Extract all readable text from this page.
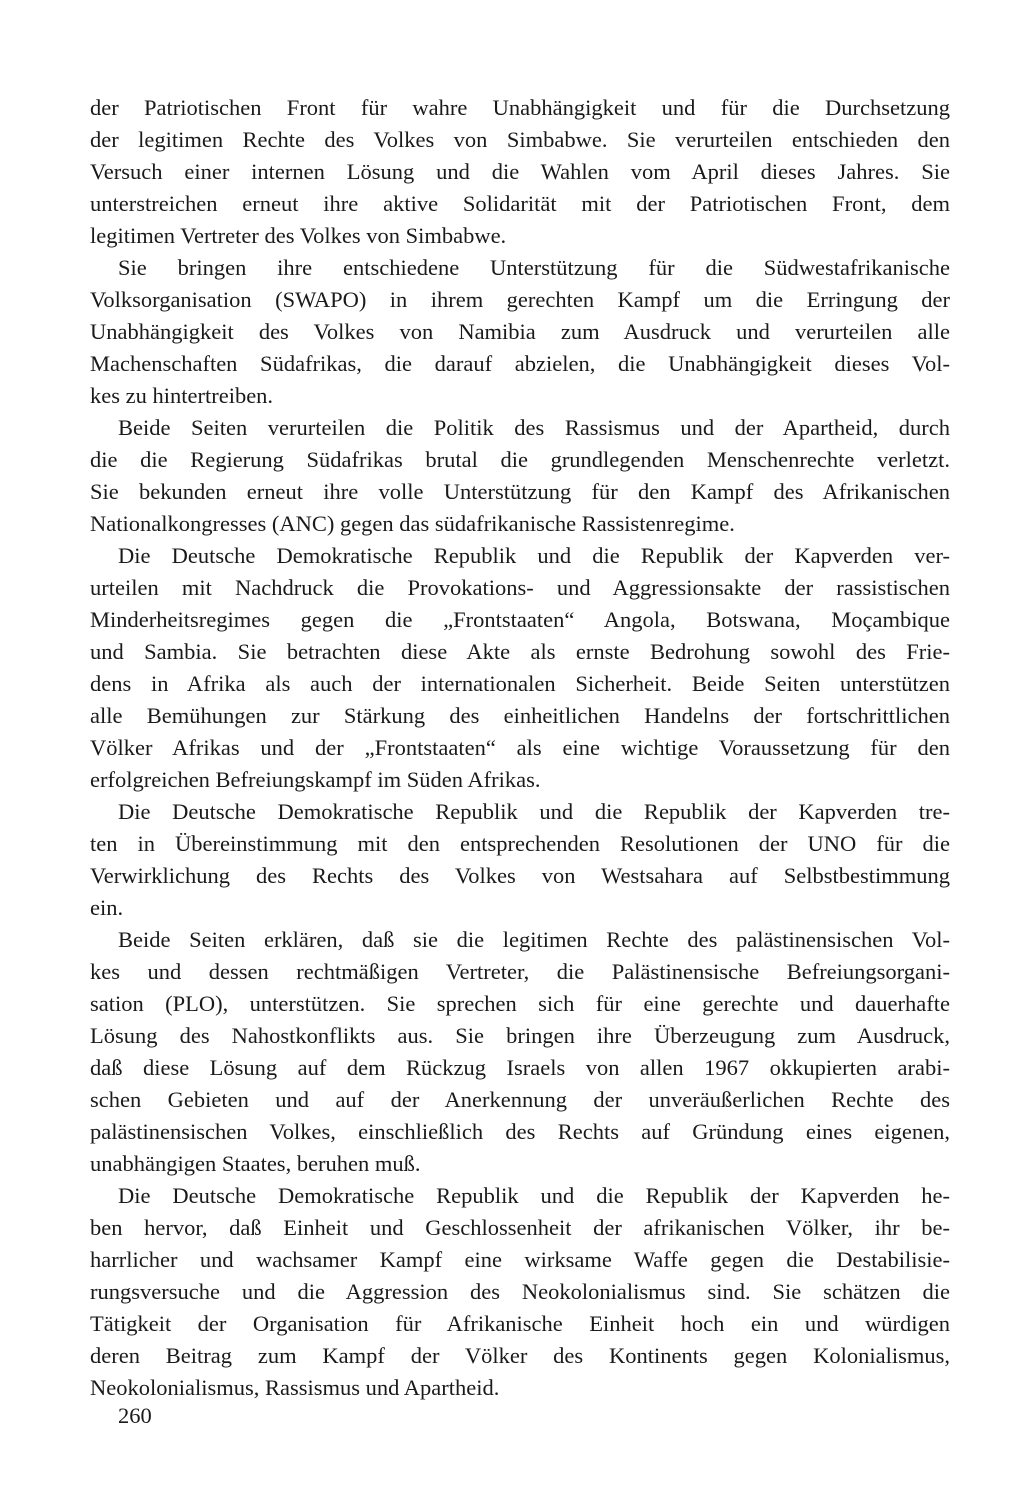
der Patriotischen Front für wahre Unabhängigkeit und für die Durchsetzung
der legitimen Rechte des Volkes von Simbabwe. Sie verurteilen entschieden den
Versuch einer internen Lösung und die Wahlen vom April dieses Jahres. Sie
unterstreichen erneut ihre aktive Solidarität mit der Patriotischen Front, dem
legitimen Vertreter des Volkes von Simbabwe.
Sie bringen ihre entschiedene Unterstützung für die Südwestafrikanische
Volksorganisation (SWAPO) in ihrem gerechten Kampf um die Erringung der
Unabhängigkeit des Volkes von Namibia zum Ausdruck und verurteilen alle
Machenschaften Südafrikas, die darauf abzielen, die Unabhängigkeit dieses Vol-
kes zu hintertreiben.
Beide Seiten verurteilen die Politik des Rassismus und der Apartheid, durch
die die Regierung Südafrikas brutal die grundlegenden Menschenrechte verletzt.
Sie bekunden erneut ihre volle Unterstützung für den Kampf des Afrikanischen
Nationalkongresses (ANC) gegen das südafrikanische Rassistenregime.
Die Deutsche Demokratische Republik und die Republik der Kapverden ver-
urteilen mit Nachdruck die Provokations- und Aggressionsakte der rassistischen
Minderheitsregimes gegen die „Frontstaaten“ Angola, Botswana, Moçambique
und Sambia. Sie betrachten diese Akte als ernste Bedrohung sowohl des Frie-
dens in Afrika als auch der internationalen Sicherheit. Beide Seiten unterstützen
alle Bemühungen zur Stärkung des einheitlichen Handelns der fortschrittlichen
Völker Afrikas und der „Frontstaaten“ als eine wichtige Voraussetzung für den
erfolgreichen Befreiungskampf im Süden Afrikas.
Die Deutsche Demokratische Republik und die Republik der Kapverden tre-
ten in Übereinstimmung mit den entsprechenden Resolutionen der UNO für die
Verwirklichung des Rechts des Volkes von Westsahara auf Selbstbestimmung
ein.
Beide Seiten erklären, daß sie die legitimen Rechte des palästinensischen Vol-
kes und dessen rechtmäßigen Vertreter, die Palästinensische Befreiungsorgani-
sation (PLO), unterstützen. Sie sprechen sich für eine gerechte und dauerhafte
Lösung des Nahostkonflikts aus. Sie bringen ihre Überzeugung zum Ausdruck,
daß diese Lösung auf dem Rückzug Israels von allen 1967 okkupierten arabi-
schen Gebieten und auf der Anerkennung der unveräußerlichen Rechte des
palästinensischen Volkes, einschließlich des Rechts auf Gründung eines eigenen,
unabhängigen Staates, beruhen muß.
Die Deutsche Demokratische Republik und die Republik der Kapverden he-
ben hervor, daß Einheit und Geschlossenheit der afrikanischen Völker, ihr be-
harrlicher und wachsamer Kampf eine wirksame Waffe gegen die Destabilisie-
rungsversuche und die Aggression des Neokolonialismus sind. Sie schätzen die
Tätigkeit der Organisation für Afrikanische Einheit hoch ein und würdigen
deren Beitrag zum Kampf der Völker des Kontinents gegen Kolonialismus,
Neokolonialismus, Rassismus und Apartheid.
260
